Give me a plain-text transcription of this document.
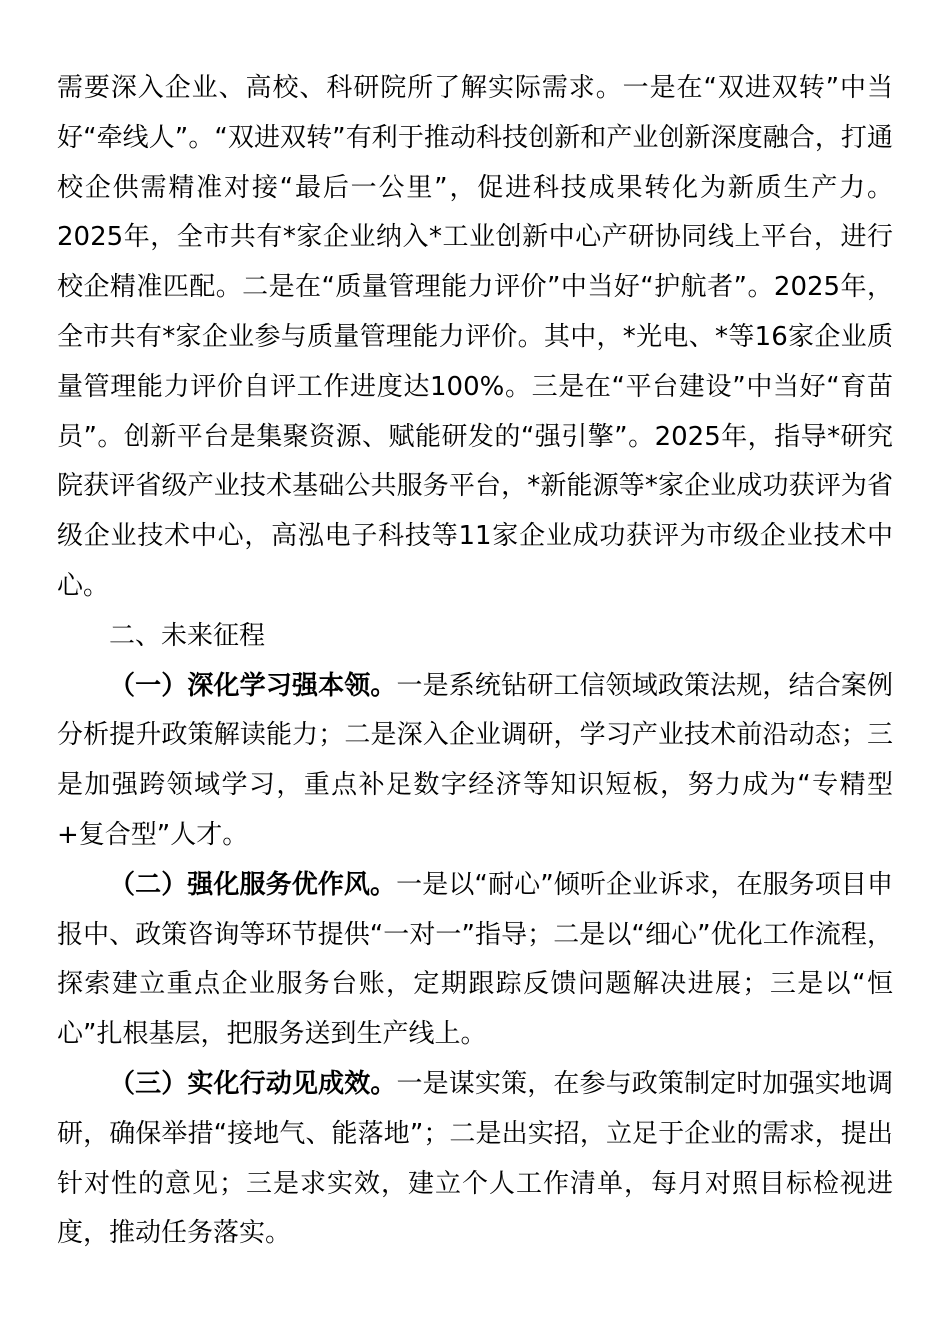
需要深入企业、高校、科研院所了解实际需求。一是在“双进双转”中当好“牵线人”。“双进双转”有利于推动科技创新和产业创新深度融合，打通校企供需精准对接“最后一公里”，促进科技成果转化为新质生产力。2025年，全市共有*家企业纳入*工业创新中心产研协同线上平台，进行校企精准匹配。二是在“质量管理能力评价”中当好“护航者”。2025年，全市共有*家企业参与质量管理能力评价。其中，*光电、*等16家企业质量管理能力评价自评工作进度达100%。三是在“平台建设”中当好“育苗员”。创新平台是集聚资源、赋能研发的“强引擎”。2025年，指导*研究院获评省级产业技术基础公共服务平台，*新能源等*家企业成功获评为省级企业技术中心，高泓电子科技等11家企业成功获评为市级企业技术中心。

二、未来征程

（一）深化学习强本领。一是系统钻研工信领域政策法规，结合案例分析提升政策解读能力；二是深入企业调研，学习产业技术前沿动态；三是加强跨领域学习，重点补足数字经济等知识短板，努力成为“专精型+复合型”人才。

（二）强化服务优作风。一是以“耐心”倾听企业诉求，在服务项目申报中、政策咨询等环节提供“一对一”指导；二是以“细心”优化工作流程，探索建立重点企业服务台账，定期跟踪反馈问题解决进展；三是以“恒心”扎根基层，把服务送到生产线上。

（三）实化行动见成效。一是谋实策，在参与政策制定时加强实地调研，确保举措“接地气、能落地”；二是出实招，立足于企业的需求，提出针对性的意见；三是求实效，建立个人工作清单，每月对照目标检视进度，推动任务落实。
